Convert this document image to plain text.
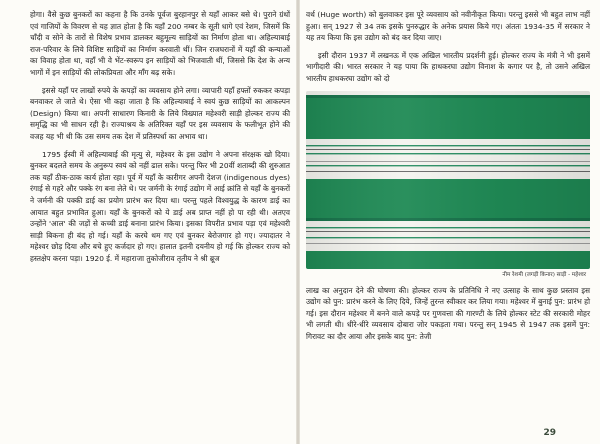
होगा। वैसे कुछ बुनकरों का कहना है कि उनके पूर्वज बुरहानपुर से यहाँ आकर बसे थे। पुराने ग्रंथों एवं गाजियों के विवरण से यह ज्ञात होता है कि यहाँ 200 नम्बर के सूती धागे एवं रेशम, जिसमें कि चाँदी व सोने के तारों से विशेष प्रभाव डालकर बहुमूल्य साड़ियों का निर्माण होता था। अहिल्याबाई राज-परिवार के लिये विशिष्ट साड़ियों का निर्माण करवाती थीं। जिन राजघरानों में यहाँ की कन्याओं का विवाह होता था, वहाँ भी वे भेंट-स्वरूप इन साड़ियों को भिजवाती थीं, जिससे कि देश के अन्य भागों में इन साड़ियों की लोकप्रियता और माँग बढ़ सके।

इससे यहाँ पर लाखों रुपये के कपड़ों का व्यवसाय होने लगा। व्यापारी यहाँ हफ्तों रुककर कपड़ा बनवाकर ले जाते थे। ऐसा भी कहा जाता है कि अहिल्याबाई ने स्वयं कुछ साड़ियों का आकल्पन (Design) किया था। अपनी साधारण किनारी के लिये विख्यात महेश्वरी साड़ी होल्कर राज्य की समृद्धि का भी साधन रही है। राज्याश्रय के अतिरिक्त यहाँ पर इस व्यवसाय के फलीभूत होने की वजह यह भी थी कि उस समय तक देश में प्रतिस्पर्धा का अभाव था।

1795 ईस्वी में अहिल्याबाई की मृत्यु से, महेश्वर के इस उद्योग ने अपना संरक्षक खो दिया। बुनकर बदलते समय के अनुरूप स्वयं को नहीं ढाल सके। परन्तु फिर भी 20वीं शताब्दी की शुरुआत तक यहाँ ठीक-ठाक कार्य होता रहा। पूर्व में यहाँ के कारीगर अपनी देशज (indigenous dyes) रंगाई से गहरे और पक्के रंग बना लेते थे। पर जर्मनी के रंगाई उद्योग में आई क्रांति से यहाँ के बुनकरों ने जर्मनी की पक्की डाई का प्रयोग प्रारंभ कर दिया था। परन्तु पहले विश्वयुद्ध के कारण डाई का आयात बहुत प्रभावित हुआ। यहाँ के बुनकरों को ये डाई अब प्राप्त नहीं हो पा रही थी। अतएव उन्होंने 'आल' की जड़ों से कच्ची डाई बनाना प्रारंभ किया। इसका विपरीत प्रभाव पड़ा एवं महेश्वरी साड़ी बिकना ही बंद हो गई। यहाँ के करघे थम गए एवं बुनकर बेरोजगार हो गए। ज्यादातर ने महेश्वर छोड़ दिया और बचे हुए कर्जदार हो गए। हालात इतनी दयनीय हो गई कि होल्कर राज्य को हस्तक्षेप करना पड़ा। 1920 ई. में महाराजा तुकोजीराव तृतीय ने श्री ब्रूज

वर्थ (Huge worth) को बुलवाकर इस पूरे व्यवसाय को नवीनीकृत किया। परन्तु इससे भी बहुत लाभ नहीं हुआ। सन् 1927 से 34 तक इसके पुनरुद्धार के अनेक प्रयास किये गए। अंततः 1934-35 में सरकार ने यह तय किया कि इस उद्योग को बंद कर दिया जाए।

इसी दौरान 1937 में लखनऊ में एक अखिल भारतीय प्रदर्शनी हुई। होल्कर राज्य के मंत्री ने भी इसमें भागीदारी की। भारत सरकार ने यह पाया कि हाथकरघा उद्योग विनाश के कगार पर है, तो उसने अखिल भारतीय हाथकरघा उद्योग को दो

नीम रेशमी (लगड़ी किनार) साड़ी - महेश्वर

लाख का अनुदान देने की घोषणा की। होल्कर राज्य के प्रतिनिधि ने नए उत्साह के साथ कुछ प्रस्ताव इस उद्योग को पुन: प्रारंभ करने के लिए दिये, जिन्हें तुरन्त स्वीकार कर लिया गया। महेश्वर में बुनाई पुन: प्रारंभ हो गई। इस दौरान महेश्वर में बनने वाले कपड़े पर गुणवत्ता की गारण्टी के लिये होल्कर स्टेट की सरकारी मोहर भी लगती थी। धीरे-धीरे व्यवसाय दोबारा जोर पकड़ता गया। परन्तु सन् 1945 से 1947 तक इसमें पुन: गिरावट का दौर आया और इसके बाद पुन: तेजी

29
